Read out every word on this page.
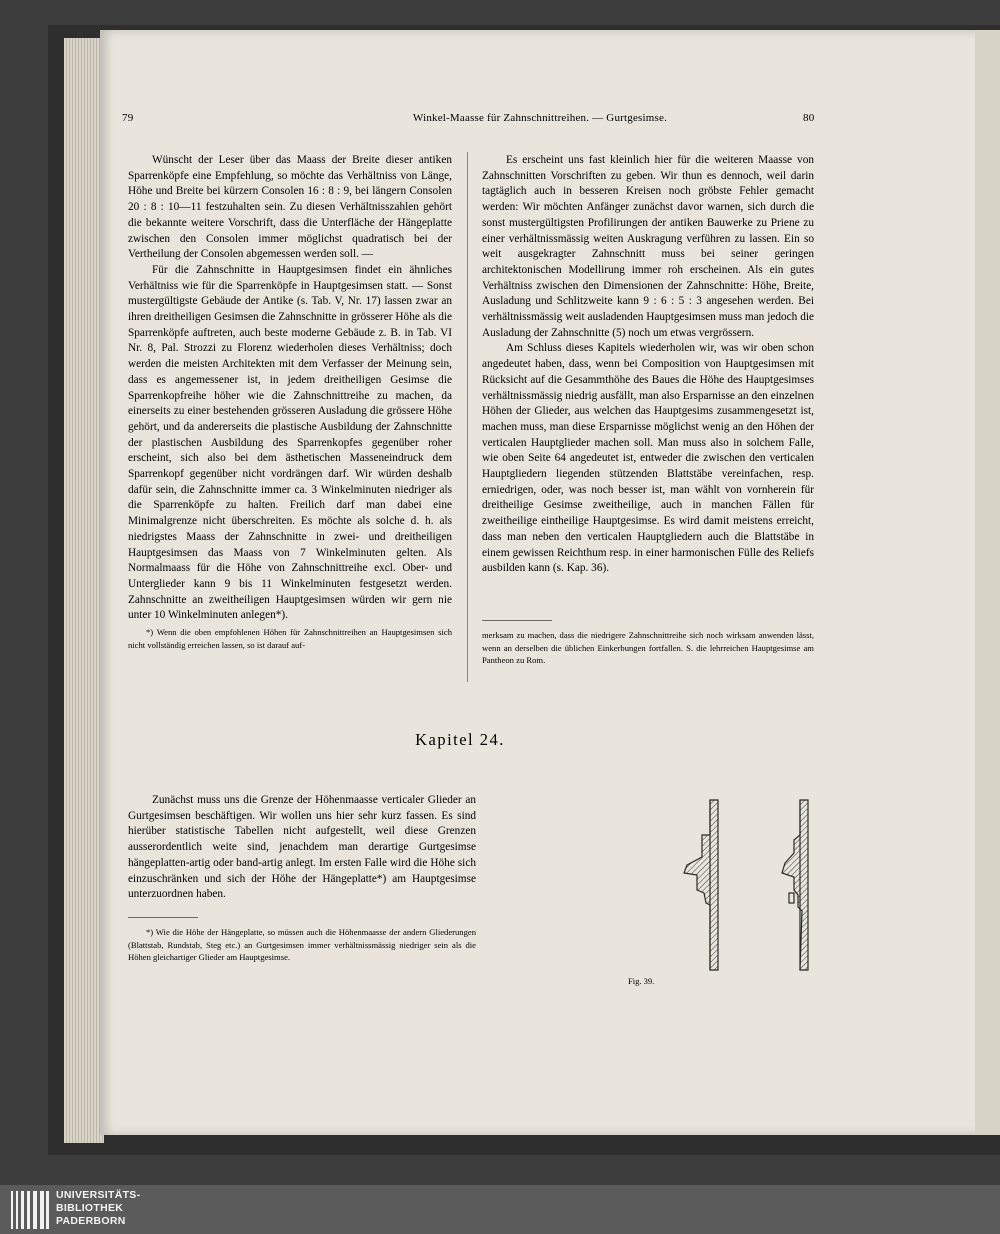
79	Winkel-Maasse für Zahnschnittreihen. — Gurtgesimse.	80

Wünscht der Leser über das Maass der Breite dieser antiken Sparrenköpfe eine Empfehlung, so möchte das Verhältniss von Länge, Höhe und Breite bei kürzern Consolen 16 : 8 : 9, bei längern Consolen 20 : 8 : 10—11 festzuhalten sein. Zu diesen Verhältnisszahlen gehört die bekannte weitere Vorschrift, dass die Unterfläche der Hängeplatte zwischen den Consolen immer möglichst quadratisch bei der Vertheilung der Consolen abgemessen werden soll. —

Für die Zahnschnitte in Hauptgesimsen findet ein ähnliches Verhältniss wie für die Sparrenköpfe in Hauptgesimsen statt. — Sonst mustergültigste Gebäude der Antike (s. Tab. V, Nr. 17) lassen zwar an ihren dreitheiligen Gesimsen die Zahnschnitte in grösserer Höhe als die Sparrenköpfe auftreten, auch beste moderne Gebäude z. B. in Tab. VI Nr. 8, Pal. Strozzi zu Florenz wiederholen dieses Verhältniss; doch werden die meisten Architekten mit dem Verfasser der Meinung sein, dass es angemessener ist, in jedem dreitheiligen Gesimse die Sparrenkopfreihe höher wie die Zahnschnittreihe zu machen, da einerseits zu einer bestehenden grösseren Ausladung die grössere Höhe gehört, und da andererseits die plastische Ausbildung der Zahnschnitte der plastischen Ausbildung des Sparrenkopfes gegenüber roher erscheint, sich also bei dem ästhetischen Masseneindruck dem Sparrenkopf gegenüber nicht vordrängen darf. Wir würden deshalb dafür sein, die Zahnschnitte immer ca. 3 Winkelminuten niedriger als die Sparrenköpfe zu halten. Freilich darf man dabei eine Minimalgrenze nicht überschreiten. Es möchte als solche d. h. als niedrigstes Maass der Zahnschnitte in zwei- und dreitheiligen Hauptgesimsen das Maass von 7 Winkelminuten gelten. Als Normalmaass für die Höhe von Zahnschnittreihe excl. Ober- und Unterglieder kann 9 bis 11 Winkelminuten festgesetzt werden. Zahnschnitte an zweitheiligen Hauptgesimsen würden wir gern nie unter 10 Winkelminuten anlegen*).

*) Wenn die oben empfohlenen Höhen für Zahnschnittreihen an Hauptgesimsen sich nicht vollständig erreichen lassen, so ist darauf auf-

Es erscheint uns fast kleinlich hier für die weiteren Maasse von Zahnschnitten Vorschriften zu geben. Wir thun es dennoch, weil darin tagtäglich auch in besseren Kreisen noch gröbste Fehler gemacht werden: Wir möchten Anfänger zunächst davor warnen, sich durch die sonst mustergültigsten Profilirungen der antiken Bauwerke zu Priene zu einer verhältnissmässig weiten Auskragung verführen zu lassen. Ein so weit ausgekragter Zahnschnitt muss bei seiner geringen architektonischen Modellirung immer roh erscheinen. Als ein gutes Verhältniss zwischen den Dimensionen der Zahnschnitte: Höhe, Breite, Ausladung und Schlitzweite kann 9 : 6 : 5 : 3 angesehen werden. Bei verhältnissmässig weit ausladenden Hauptgesimsen muss man jedoch die Ausladung der Zahnschnitte (5) noch um etwas vergrössern.

Am Schluss dieses Kapitels wiederholen wir, was wir oben schon angedeutet haben, dass, wenn bei Composition von Hauptgesimsen mit Rücksicht auf die Gesammthöhe des Baues die Höhe des Hauptgesimses verhältnissmässig niedrig ausfällt, man also Ersparnisse an den einzelnen Höhen der Glieder, aus welchen das Hauptgesims zusammengesetzt ist, machen muss, man diese Ersparnisse möglichst wenig an den Höhen der verticalen Hauptglieder machen soll. Man muss also in solchem Falle, wie oben Seite 64 angedeutet ist, entweder die zwischen den verticalen Hauptgliedern liegenden stützenden Blattstäbe vereinfachen, resp. erniedrigen, oder, was noch besser ist, man wählt von vornherein für dreitheilige Gesimse zweitheilige, auch in manchen Fällen für zweitheilige eintheilige Hauptgesimse. Es wird damit meistens erreicht, dass man neben den verticalen Hauptgliedern auch die Blattstäbe in einem gewissen Reichthum resp. in einer harmonischen Fülle des Reliefs ausbilden kann (s. Kap. 36).

merksam zu machen, dass die niedrigere Zahnschnittreihe sich noch wirksam anwenden lässt, wenn an derselben die üblichen Einkerbungen fortfallen. S. die lehrreichen Hauptgesimse am Pantheon zu Rom.

Kapitel 24.

Zunächst muss uns die Grenze der Höhenmaasse verticaler Glieder an Gurtgesimsen beschäftigen. Wir wollen uns hier sehr kurz fassen. Es sind hierüber statistische Tabellen nicht aufgestellt, weil diese Grenzen ausserordentlich weite sind, jenachdem man derartige Gurtgesimse hängeplatten-artig oder band-artig anlegt. Im ersten Falle wird die Höhe sich einzuschränken und sich der Höhe der Hängeplatte*) am Hauptgesimse unterzuordnen haben.

*) Wie die Höhe der Hängeplatte, so müssen auch die Höhenmaasse der andern Gliederungen (Blattstab, Rundstab, Steg etc.) an Gurtgesimsen immer verhältnissmässig niedriger sein als die Höhen gleichartiger Glieder am Hauptgesimse.

Fig. 39.
UNIVERSITÄTS-
BIBLIOTHEK
PADERBORN
